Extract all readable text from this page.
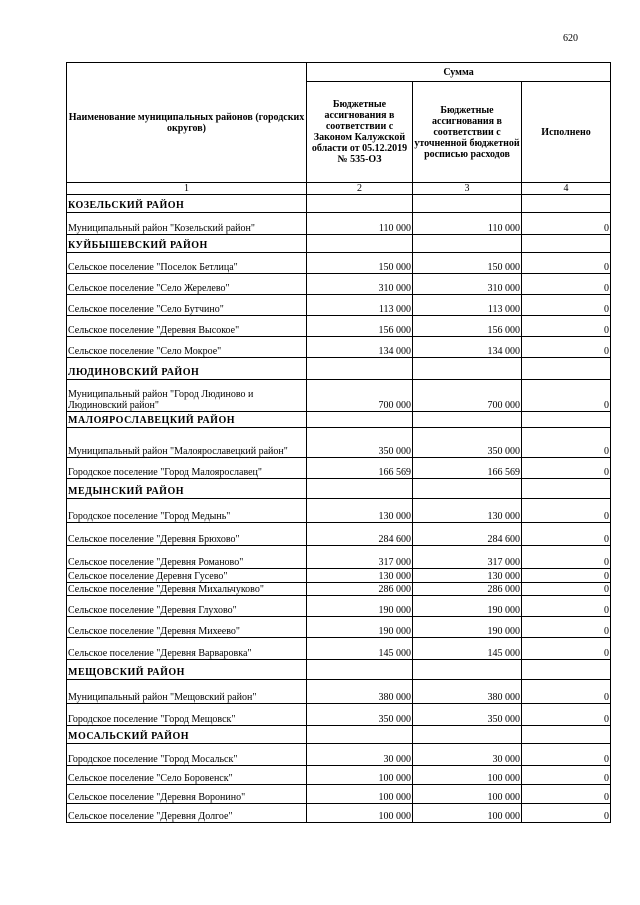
620
Наименование муниципальных районов (городских округов)	Сумма		
	Бюджетные ассигнования в соответствии с Законом Калужской области от 05.12.2019 № 535-ОЗ	Бюджетные ассигнования в соответствии с уточненной бюджетной росписью расходов	Исполнено
1	2	3	4
КОЗЕЛЬСКИЙ РАЙОН			
Муниципальный район "Козельский район"	110 000	110 000	0
КУЙБЫШЕВСКИЙ РАЙОН			
Сельское поселение "Поселок Бетлица"	150 000	150 000	0
Сельское поселение "Село Жерелево"	310 000	310 000	0
Сельское поселение "Село Бутчино"	113 000	113 000	0
Сельское поселение "Деревня Высокое"	156 000	156 000	0
Сельское поселение "Село Мокрое"	134 000	134 000	0
ЛЮДИНОВСКИЙ РАЙОН			
Муниципальный район "Город Людиново и Людиновский район"	700 000	700 000	0
МАЛОЯРОСЛАВЕЦКИЙ РАЙОН			
Муниципальный район "Малоярославецкий район"	350 000	350 000	0
Городское поселение "Город Малоярославец"	166 569	166 569	0
МЕДЫНСКИЙ РАЙОН			
Городское поселение "Город Медынь"	130 000	130 000	0
Сельское поселение "Деревня Брюхово"	284 600	284 600	0
Сельское поселение "Деревня Романово"	317 000	317 000	0
Сельское поселение Деревня Гусево"	130 000	130 000	0
Сельское поселение "Деревня Михальчуково"	286 000	286 000	0
Сельское поселение "Деревня Глухово"	190 000	190 000	0
Сельское поселение "Деревня Михеево"	190 000	190 000	0
Сельское поселение "Деревня Варваровка"	145 000	145 000	0
МЕЩОВСКИЙ РАЙОН			
Муниципальный район "Мещовский район"	380 000	380 000	0
Городское поселение "Город Мещовск"	350 000	350 000	0
МОСАЛЬСКИЙ РАЙОН			
Городское поселение "Город Мосальск"	30 000	30 000	0
Сельское поселение "Село Боровенск"	100 000	100 000	0
Сельское поселение "Деревня Воронино"	100 000	100 000	0
Сельское поселение "Деревня Долгое"	100 000	100 000	0
